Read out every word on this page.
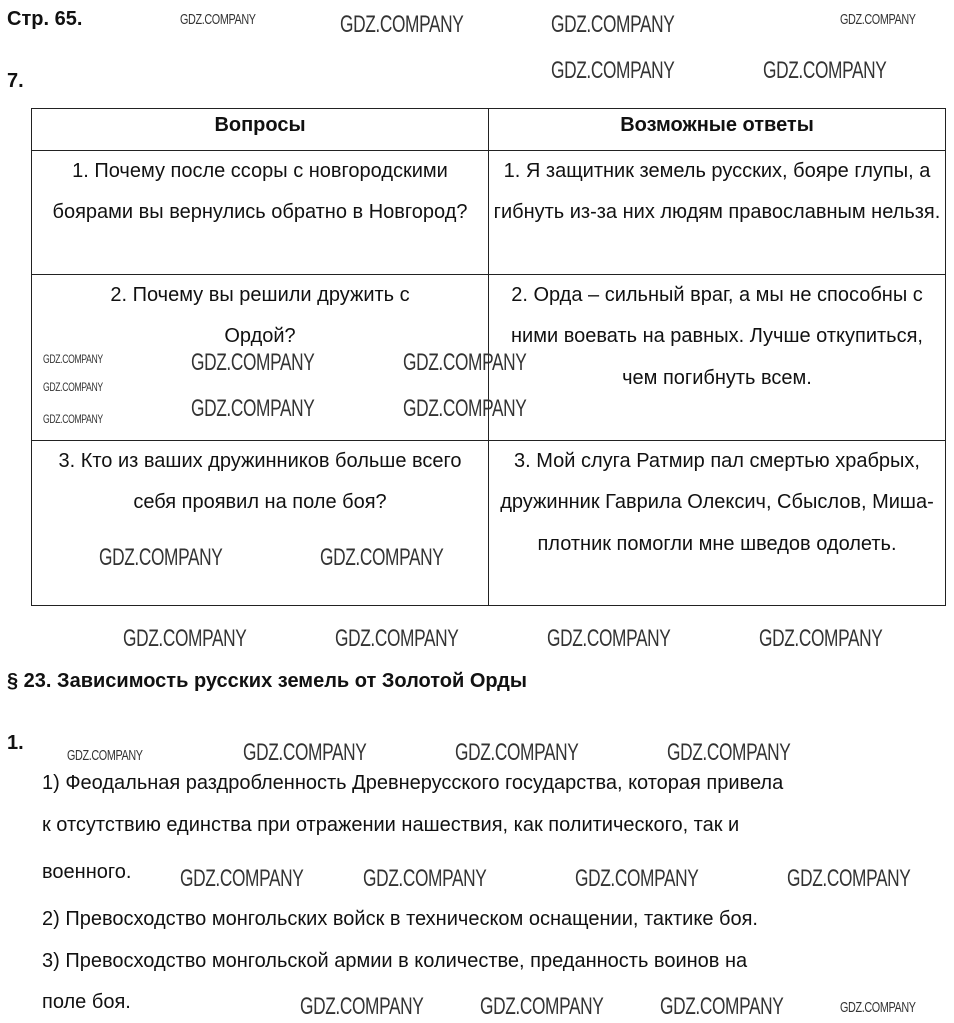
Стр. 65.
7.
Вопросы	Возможные ответы
1. Почему после ссоры с новгородскими боярами вы вернулись обратно в Новгород?	1. Я защитник земель русских, бояре глупы, а гибнуть из-за них людям православным нельзя.
2. Почему вы решили дружить с Ордой?	2. Орда – сильный враг, а мы не способны с ними воевать на равных. Лучше откупиться, чем погибнуть всем.
3. Кто из ваших дружинников больше всего себя проявил на поле боя?	3. Мой слуга Ратмир пал смертью храбрых, дружинник Гаврила Олексич, Сбыслов, Миша-плотник помогли мне шведов одолеть.
§ 23. Зависимость русских земель от Золотой Орды
1.
1) Феодальная раздробленность Древнерусского государства, которая привела
к отсутствию единства при отражении нашествия, как политического, так и
военного.
2) Превосходство монгольских войск в техническом оснащении, тактике боя.
3) Превосходство монгольской армии в количестве, преданность воинов на
поле боя.
GDZ.COMPANY	GDZ.COMPANY
GDZ.COMPANY	GDZ.COMPANY
GDZ.COMPANY
GDZ.COMPANY
GDZ.COMPANY
GDZ.COMPANY	GDZ.COMPANY
GDZ.COMPANY	GDZ.COMPANY
GDZ.COMPANY	GDZ.COMPANY
GDZ.COMPANY	GDZ.COMPANY	GDZ.COMPANY	GDZ.COMPANY
GDZ.COMPANY	GDZ.COMPANY	GDZ.COMPANY	GDZ.COMPANY
GDZ.COMPANY GDZ.COMPANY	GDZ.COMPANY	GDZ.COMPANY
GDZ.COMPANY GDZ.COMPANY GDZ.COMPANY	GDZ.COMPANY
GDZ.COMPANY
GDZ.COMPANY
